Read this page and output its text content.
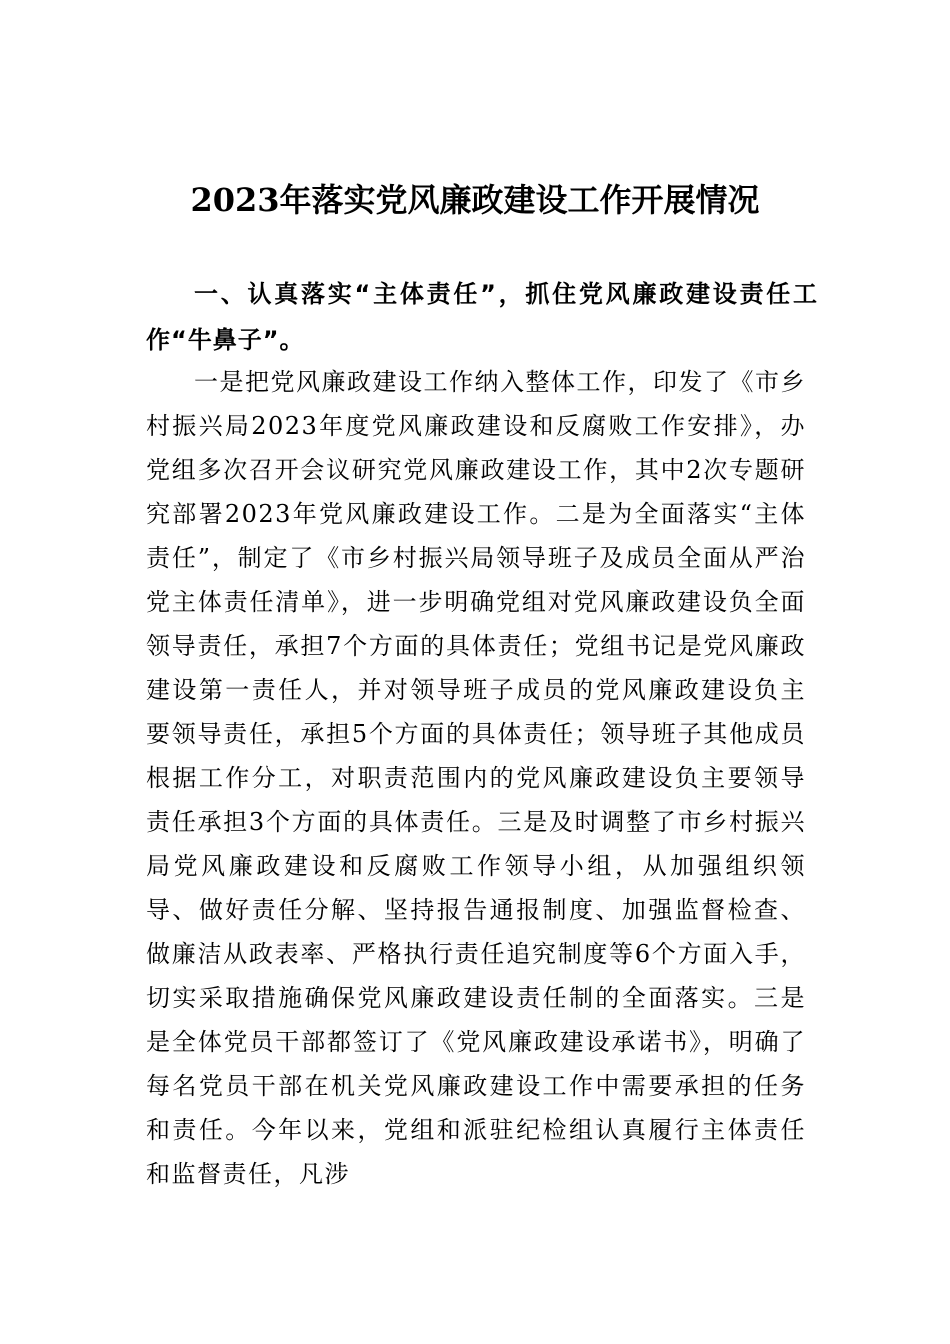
2023年落实党风廉政建设工作开展情况

一、认真落实“主体责任”，抓住党风廉政建设责任工作“牛鼻子”。

一是把党风廉政建设工作纳入整体工作，印发了《市乡村振兴局2023年度党风廉政建设和反腐败工作安排》，办党组多次召开会议研究党风廉政建设工作，其中2次专题研究部署2023年党风廉政建设工作。二是为全面落实“主体责任”，制定了《市乡村振兴局领导班子及成员全面从严治党主体责任清单》，进一步明确党组对党风廉政建设负全面领导责任，承担7个方面的具体责任；党组书记是党风廉政建设第一责任人，并对领导班子成员的党风廉政建设负主要领导责任，承担5个方面的具体责任；领导班子其他成员根据工作分工，对职责范围内的党风廉政建设负主要领导责任承担3个方面的具体责任。三是及时调整了市乡村振兴局党风廉政建设和反腐败工作领导小组，从加强组织领导、做好责任分解、坚持报告通报制度、加强监督检查、做廉洁从政表率、严格执行责任追究制度等6个方面入手，切实采取措施确保党风廉政建设责任制的全面落实。三是是全体党员干部都签订了《党风廉政建设承诺书》，明确了每名党员干部在机关党风廉政建设工作中需要承担的任务和责任。今年以来，党组和派驻纪检组认真履行主体责任和监督责任，凡涉
